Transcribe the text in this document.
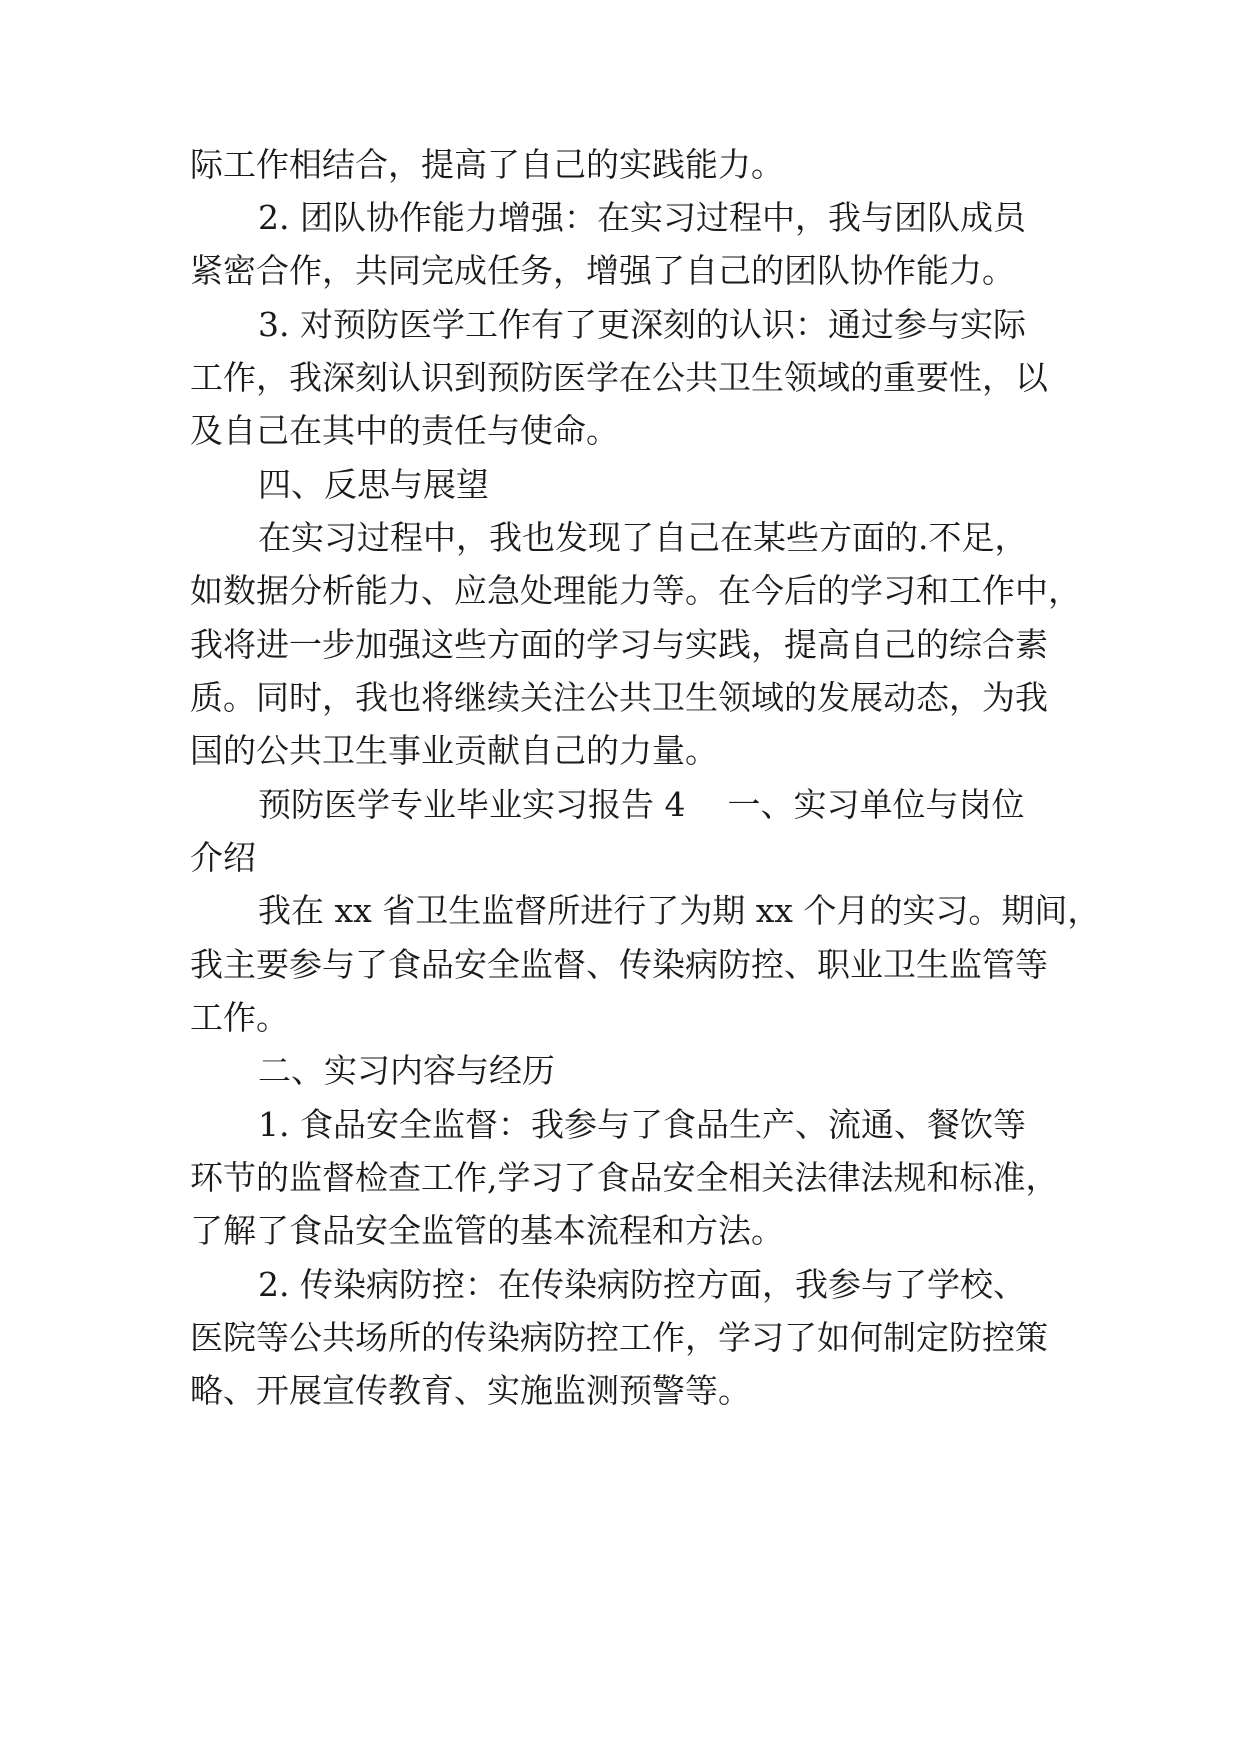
际工作相结合，提高了自己的实践能力。
2. 团队协作能力增强：在实习过程中，我与团队成员
紧密合作，共同完成任务，增强了自己的团队协作能力。
3. 对预防医学工作有了更深刻的认识：通过参与实际
工作，我深刻认识到预防医学在公共卫生领域的重要性，以
及自己在其中的责任与使命。
四、反思与展望
在实习过程中，我也发现了自己在某些方面的.不足，
如数据分析能力、应急处理能力等。在今后的学习和工作中，
我将进一步加强这些方面的学习与实践，提高自己的综合素
质。同时，我也将继续关注公共卫生领域的发展动态，为我
国的公共卫生事业贡献自己的力量。
预防医学专业毕业实习报告 4    一、实习单位与岗位
介绍
我在 xx 省卫生监督所进行了为期 xx 个月的实习。期间，
我主要参与了食品安全监督、传染病防控、职业卫生监管等
工作。
二、实习内容与经历
1. 食品安全监督：我参与了食品生产、流通、餐饮等
环节的监督检查工作,学习了食品安全相关法律法规和标准，
了解了食品安全监管的基本流程和方法。
2. 传染病防控：在传染病防控方面，我参与了学校、
医院等公共场所的传染病防控工作，学习了如何制定防控策
略、开展宣传教育、实施监测预警等。
